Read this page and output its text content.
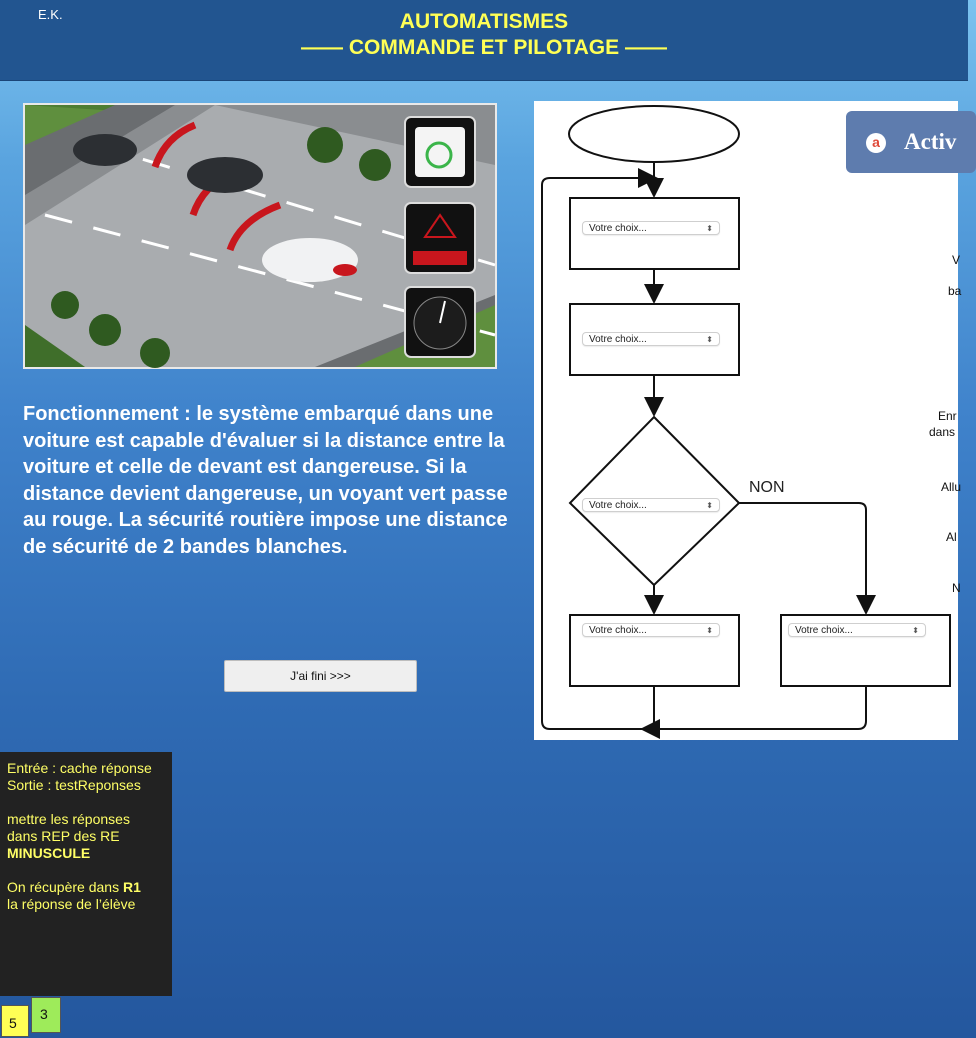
E.K.	AUTOMATISMES
—— COMMANDE ET PILOTAGE ——
Fonctionnement : le système embarqué dans une voiture est capable d'évaluer si la distance entre la voiture et celle de devant est dangereuse. Si la distance devient dangereuse, un voyant vert passe au rouge. La sécurité routière impose une distance de sécurité de 2 bandes blanches.
J'ai fini >>>
Votre choix...	⬍
Votre choix...	⬍
Votre choix...	⬍
Votre choix...	⬍	Votre choix...	⬍
NON
a Activ
V
ba
Enr
dans
Allu
Al
N

Entrée : cache réponse

Sortie : testReponses

mettre les réponses

dans REP des RE

MINUSCULE

On récupère dans R1

la réponse de l’élève

5
3
